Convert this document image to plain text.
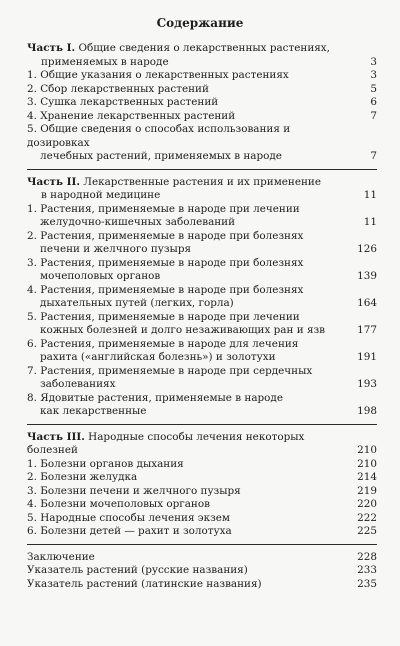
Содержание
Часть I. Общие сведения о лекарственных растениях,
применяемых в народе	3
1. Общие указания о лекарственных растениях	3
2. Сбор лекарственных растений	5
3. Сушка лекарственных растений	6
4. Хранение лекарственных растений	7
5. Общие сведения о способах использования и дозировках
лечебных растений, применяемых в народе	7
Часть II. Лекарственные растения и их применение
в народной медицине	11
1. Растения, применяемые в народе при лечении
желудочно-кишечных заболеваний	11
2. Растения, применяемые в народе при болезнях
печени и желчного пузыря	126
3. Растения, применяемые в народе при болезнях
мочеполовых органов	139
4. Растения, применяемые в народе при болезнях
дыхательных путей (легких, горла)	164
5. Растения, применяемые в народе при лечении
кожных болезней и долго незаживающих ран и язв	177
6. Растения, применяемые в народе для лечения
рахита («английская болезнь») и золотухи	191
7. Растения, применяемые в народе при сердечных
заболеваниях	193
8. Ядовитые растения, применяемые в народе
как лекарственные	198
Часть III. Народные способы лечения некоторых болезней	210
1. Болезни органов дыхания	210
2. Болезни желудка	214
3. Болезни печени и желчного пузыря	219
4. Болезни мочеполовых органов	220
5. Народные способы лечения экзем	222
6. Болезни детей — рахит и золотуха	225
Заключение	228
Указатель растений (русские названия)	233
Указатель растений (латинские названия)	235
